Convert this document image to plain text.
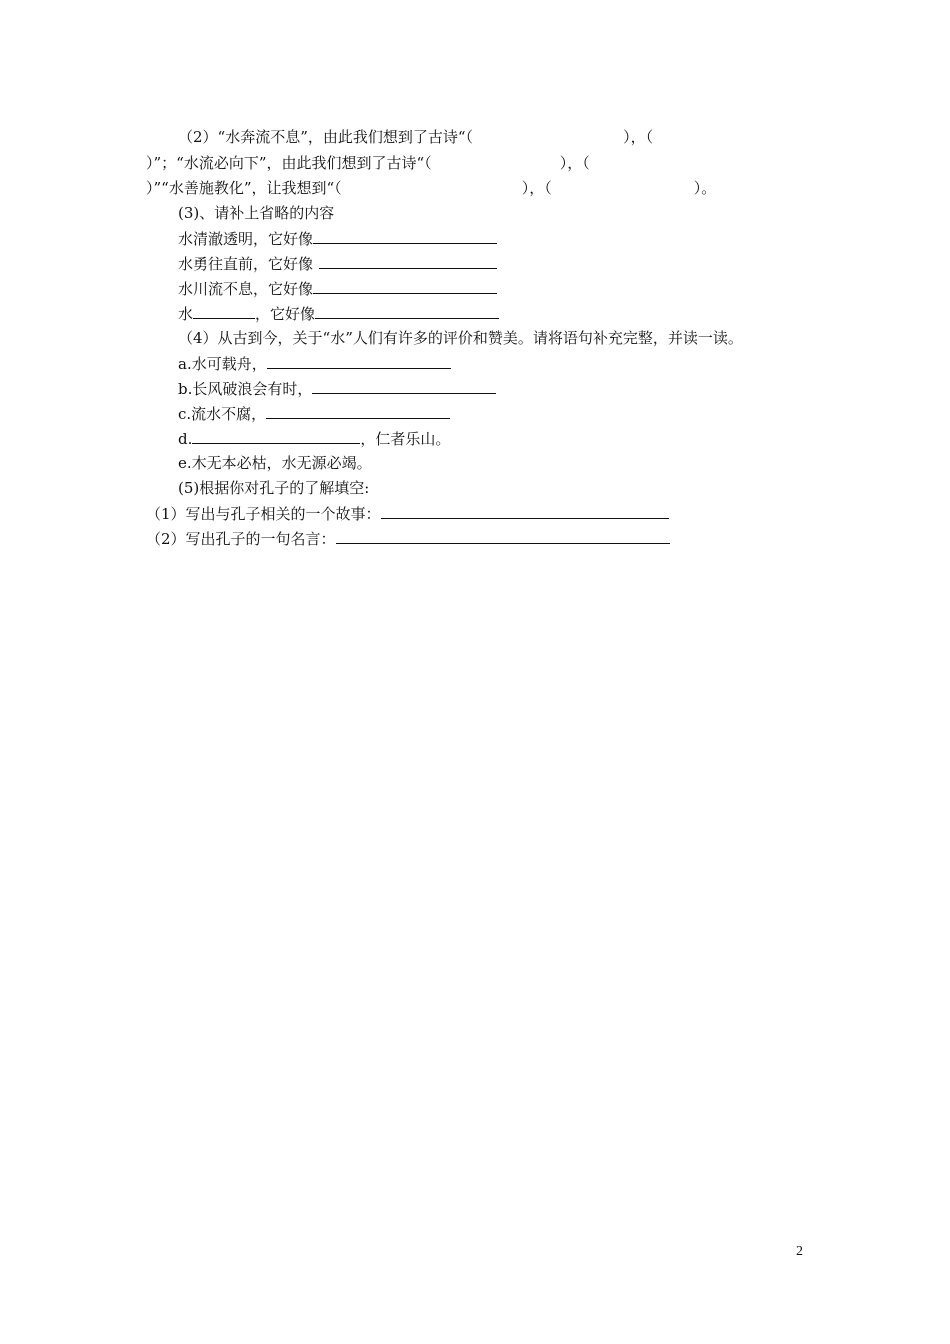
（2）“水奔流不息”，由此我们想到了古诗“（	），（
）”；“水流必向下”，由此我们想到了古诗“（	），（
）”“水善施教化”，让我想到“（	），（	）。
(3)、请补上省略的内容
水清澈透明，它好像
水勇往直前，它好像
水川流不息，它好像
水	，它好像
（4）从古到今，关于“水”人们有许多的评价和赞美。请将语句补充完整，并读一读。
a.水可载舟，
b.长风破浪会有时，
c.流水不腐，
d.	，仁者乐山。
e.木无本必枯，水无源必竭。
(5)根据你对孔子的了解填空:
（1）写出与孔子相关的一个故事：
（2）写出孔子的一句名言：
2
